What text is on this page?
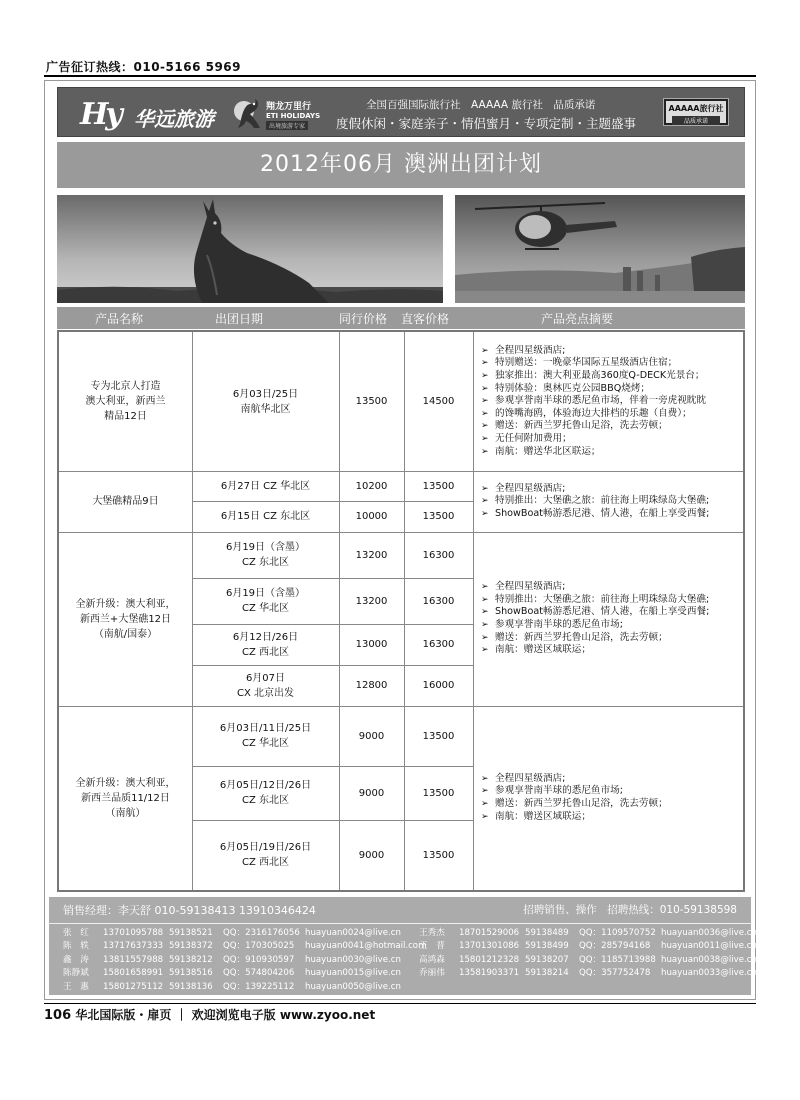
广告征订热线：010-5166 5969
Hy 华远旅游	翔龙万里行
ETI HOLIDAYS
出境旅游专家
全国百强国际旅行社　AAAAA 旅行社　品质承诺
度假休闲・家庭亲子・情侣蜜月・专项定制・主题盛事
AAAAA旅行社
品质承诺
2012年06月 澳洲出团计划
产品名称	出团日期	同行价格 直客价格	产品亮点摘要
专为北京人打造
澳大利亚，新西兰
精品12日
6月03日/25日
南航华北区
13500	14500
➢ 全程四星级酒店;
➢ 特别赠送：一晚豪华国际五星级酒店住宿；
➢ 独家推出：澳大利亚最高360度Q-DECK光景台；
➢ 特别体验：奥林匹克公园BBQ烧烤；
➢ 参观享誉南半球的悉尼鱼市场，伴着一旁虎视眈眈
➢ 的馋嘴海鸥，体验海边大排档的乐趣（自费）；
➢ 赠送：新西兰罗托鲁山足浴，洗去劳顿；
➢ 无任何附加费用；
➢ 南航：赠送华北区联运；
大堡礁精品9日
6月27日 CZ 华北区	10200	13500
6月15日 CZ 东北区	10000	13500
➢ 全程四星级酒店;
➢ 特别推出：大堡礁之旅：前往海上明珠绿岛大堡礁;
➢ ShowBoat畅游悉尼港、情人港，在船上享受西餐;
全新升级：澳大利亚，
新西兰+大堡礁12日
（南航/国泰）
6月19日（含墨）
CZ 东北区
13200	16300
6月19日（含墨）
CZ 华北区
13200	16300
6月12日/26日
CZ 西北区
13000	16300
6月07日
CX 北京出发
12800	16000
➢ 全程四星级酒店;
➢ 特别推出：大堡礁之旅：前往海上明珠绿岛大堡礁;
➢ ShowBoat畅游悉尼港、情人港，在船上享受西餐;
➢ 参观享誉南半球的悉尼鱼市场;
➢ 赠送：新西兰罗托鲁山足浴，洗去劳顿；
➢ 南航：赠送区域联运；
全新升级：澳大利亚，
新西兰品质11/12日
（南航）
6月03日/11日/25日
CZ 华北区
9000	13500
6月05日/12日/26日
CZ 东北区
9000	13500
6月05日/19日/26日
CZ 西北区
9000	13500
➢ 全程四星级酒店;
➢ 参观享誉南半球的悉尼鱼市场;
➢ 赠送：新西兰罗托鲁山足浴，洗去劳顿；
➢ 南航：赠送区域联运；
销售经理：李天舒 010-59138413 13910346424	招聘销售、操作　招聘热线：010-59138598
张　红 13701095788 59138521 QQ：2316176056 huayuan0024@live.cn
陈　轶 13717637333 59138372 QQ：170305025 huayuan0041@hotmail.com
鑫　涛 13811557988 59138212 QQ：910930597 huayuan0030@live.cn
陈静斌 15801658991 59138516 QQ：574804206 huayuan0015@live.cn
王　惠 15801275112 59138136 QQ：139225112 huayuan0050@live.cn
王秀杰 18701529006 59138489 QQ：1109570752 huayuan0036@live.cn
王　晋 13701301086 59138499 QQ：285794168 huayuan0011@live.cn
高鸿森 15801212328 59138207 QQ：1185713988 huayuan0038@live.cn
乔丽伟 13581903371 59138214 QQ：357752478 huayuan0033@live.cn
106 华北国际版・扉页 ｜ 欢迎浏览电子版 www.zyoo.net
